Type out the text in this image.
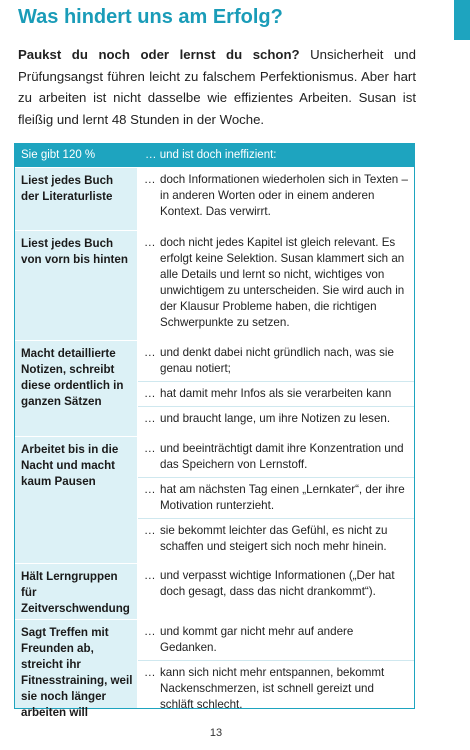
Was hindert uns am Erfolg?
Paukst du noch oder lernst du schon? Unsicherheit und Prüfungsangst führen leicht zu falschem Perfektionismus. Aber hart zu arbeiten ist nicht dasselbe wie effizientes Arbeiten. Susan ist fleißig und lernt 48 Stunden in der Woche.
Sie gibt 120 %	… und ist doch ineffizient:
Liest jedes Buch der Literaturliste
… doch Informationen wiederholen sich in Texten – in anderen Worten oder in einem anderen Kontext. Das verwirrt.
Liest jedes Buch von vorn bis hinten
… doch nicht jedes Kapitel ist gleich relevant. Es erfolgt keine Selektion. Susan klammert sich an alle Details und lernt so nicht, wichtiges von unwichtigem zu unterscheiden. Sie wird auch in der Klausur Probleme haben, die richtigen Schwerpunkte zu setzen.
Macht detaillierte Notizen, schreibt diese ordentlich in ganzen Sätzen
… und denkt dabei nicht gründlich nach, was sie genau notiert;
… hat damit mehr Infos als sie verarbeiten kann
… und braucht lange, um ihre Notizen zu lesen.
Arbeitet bis in die Nacht und macht kaum Pausen
… und beeinträchtigt damit ihre Konzentration und das Speichern von Lernstoff.
… hat am nächsten Tag einen „Lernkater“, der ihre Motivation runterzieht.
… sie bekommt leichter das Gefühl, es nicht zu schaffen und steigert sich noch mehr hinein.
Hält Lerngruppen für Zeitverschwendung
… und verpasst wichtige Informationen („Der hat doch gesagt, dass das nicht drankommt“).
Sagt Treffen mit Freunden ab, streicht ihr Fitnesstraining, weil sie noch länger arbeiten will
… und kommt gar nicht mehr auf andere Gedanken.
… kann sich nicht mehr entspannen, bekommt Nackenschmerzen, ist schnell gereizt und schläft schlecht.
13
